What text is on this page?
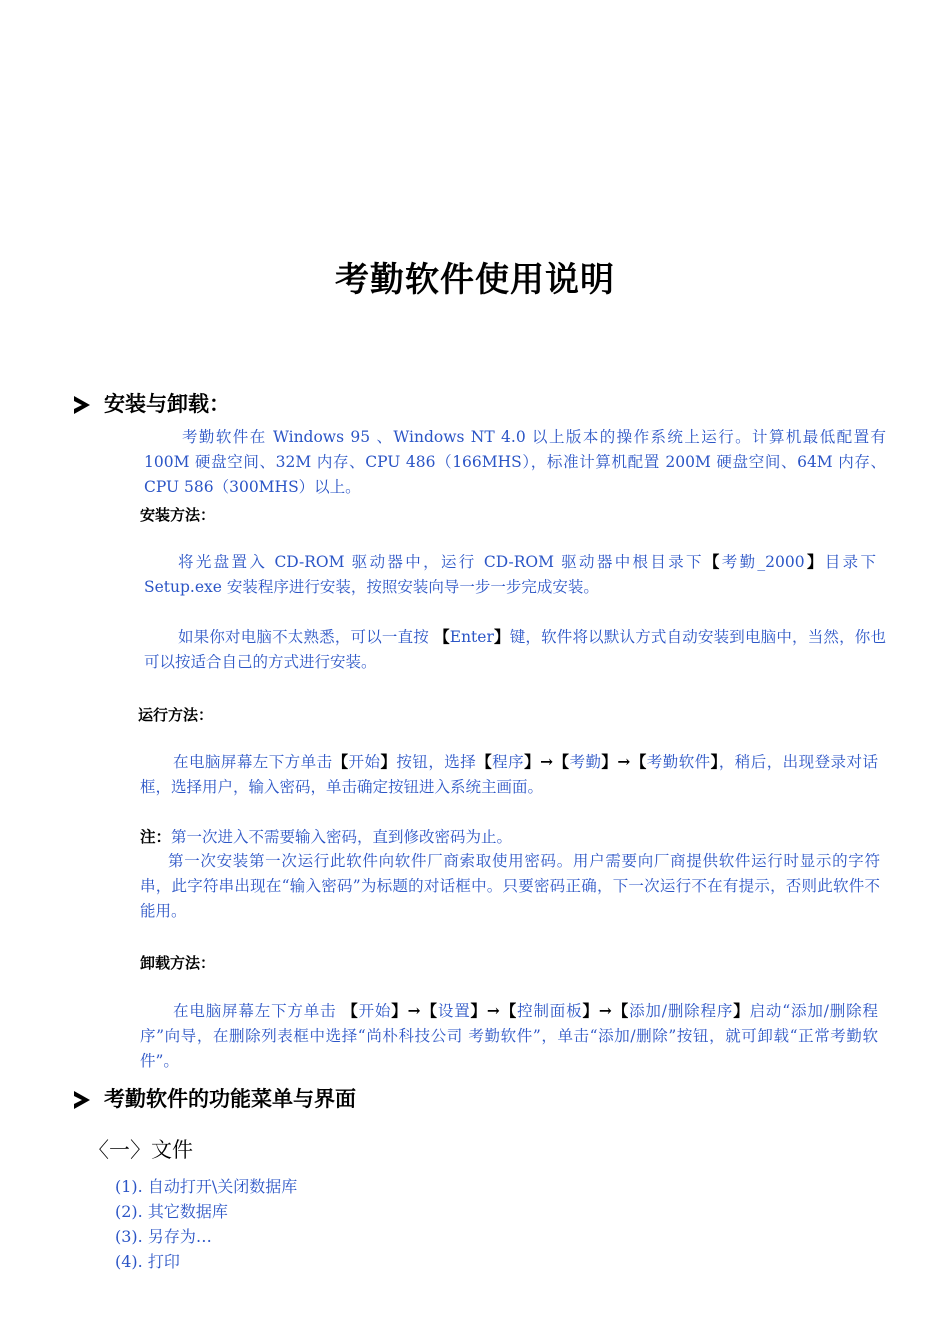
考勤软件使用说明
安装与卸载：
考勤软件在 Windows 95 、Windows NT 4.0 以上版本的操作系统上运行。计算机最低配置有 100M 硬盘空间、32M 内存、CPU 486（166MHS），标准计算机配置 200M 硬盘空间、64M 内存、CPU 586（300MHS）以上。
安装方法：
将光盘置入 CD-ROM 驱动器中，运行 CD-ROM 驱动器中根目录下【考勤_2000】目录下 Setup.exe 安装程序进行安装，按照安装向导一步一步完成安装。
如果你对电脑不太熟悉，可以一直按 【Enter】键，软件将以默认方式自动安装到电脑中，当然，你也可以按适合自己的方式进行安装。
运行方法：
在电脑屏幕左下方单击【开始】按钮，选择【程序】→【考勤】→【考勤软件】，稍后，出现登录对话框，选择用户，输入密码，单击确定按钮进入系统主画面。
注：第一次进入不需要输入密码，直到修改密码为止。
第一次安装第一次运行此软件向软件厂商索取使用密码。用户需要向厂商提供软件运行时显示的字符串，此字符串出现在“输入密码”为标题的对话框中。只要密码正确，下一次运行不在有提示，否则此软件不能用。
卸载方法：
在电脑屏幕左下方单击 【开始】→【设置】→【控制面板】→【添加/删除程序】启动“添加/删除程序”向导，在删除列表框中选择“尚朴科技公司 考勤软件”，单击“添加/删除”按钮，就可卸载“正常考勤软件”。
考勤软件的功能菜单与界面
〈一〉文件
(1). 自动打开\关闭数据库
(2). 其它数据库
(3). 另存为…
(4). 打印
